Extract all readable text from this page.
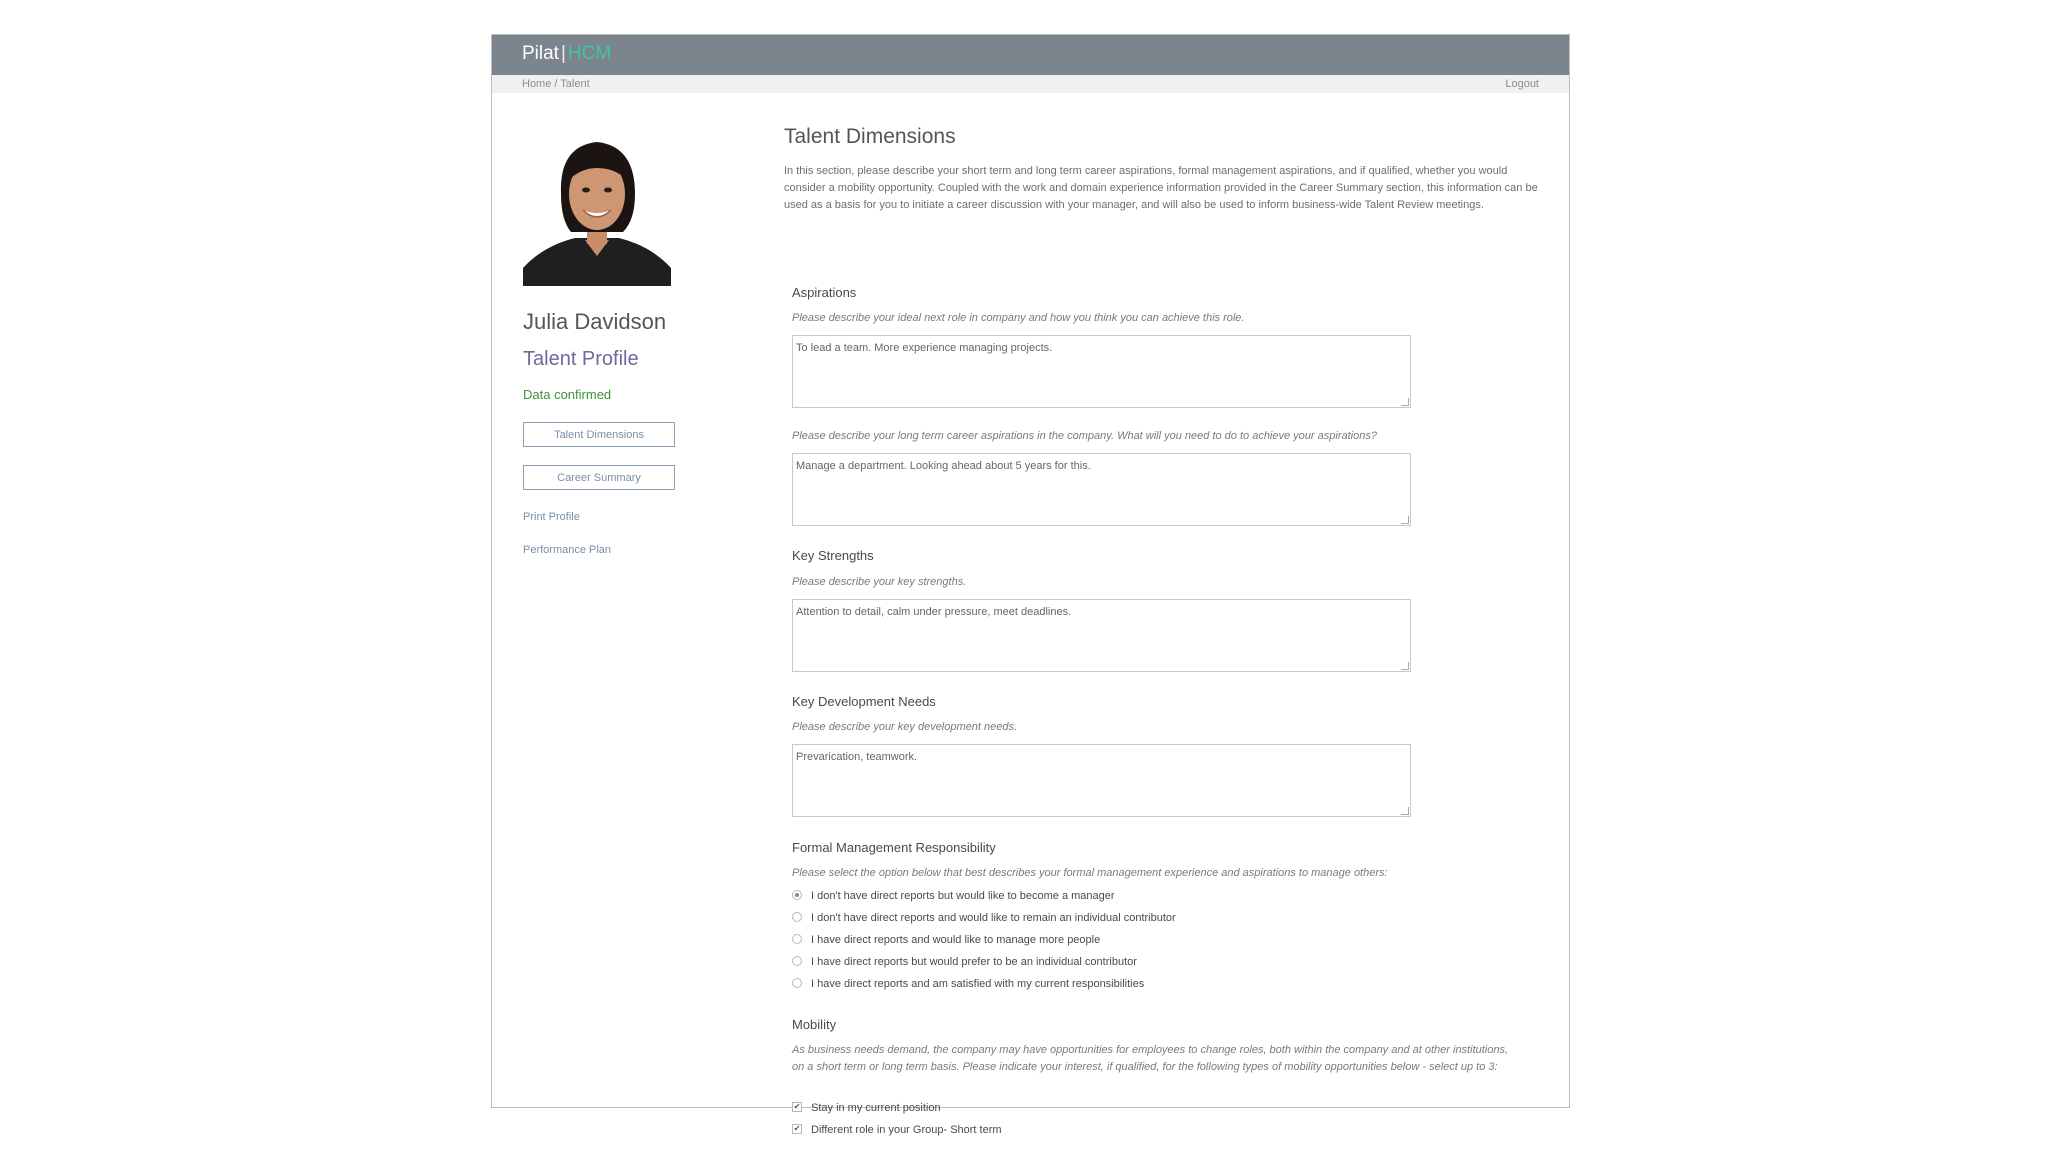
Pilat | HCM
Home / Talent	Logout
Julia Davidson
Talent Profile
Data confirmed
Talent Dimensions
Career Summary
Print Profile
Performance Plan
Talent Dimensions
In this section, please describe your short term and long term career aspirations, formal management aspirations, and if qualified, whether you would consider a mobility opportunity. Coupled with the work and domain experience information provided in the Career Summary section, this information can be used as a basis for you to initiate a career discussion with your manager, and will also be used to inform business-wide Talent Review meetings.
Aspirations
Please describe your ideal next role in company and how you think you can achieve this role.
To lead a team. More experience managing projects.
Please describe your long term career aspirations in the company. What will you need to do to achieve your aspirations?
Manage a department. Looking ahead about 5 years for this.
Key Strengths
Please describe your key strengths.
Attention to detail, calm under pressure, meet deadlines.
Key Development Needs
Please describe your key development needs.
Prevarication, teamwork.
Formal Management Responsibility
Please select the option below that best describes your formal management experience and aspirations to manage others:
I don't have direct reports but would like to become a manager
I don't have direct reports and would like to remain an individual contributor
I have direct reports and would like to manage more people
I have direct reports but would prefer to be an individual contributor
I have direct reports and am satisfied with my current responsibilities
Mobility
As business needs demand, the company may have opportunities for employees to change roles, both within the company and at other institutions, on a short term or long term basis. Please indicate your interest, if qualified, for the following types of mobility opportunities below - select up to 3:
✔ Stay in my current position
✔ Different role in your Group- Short term
